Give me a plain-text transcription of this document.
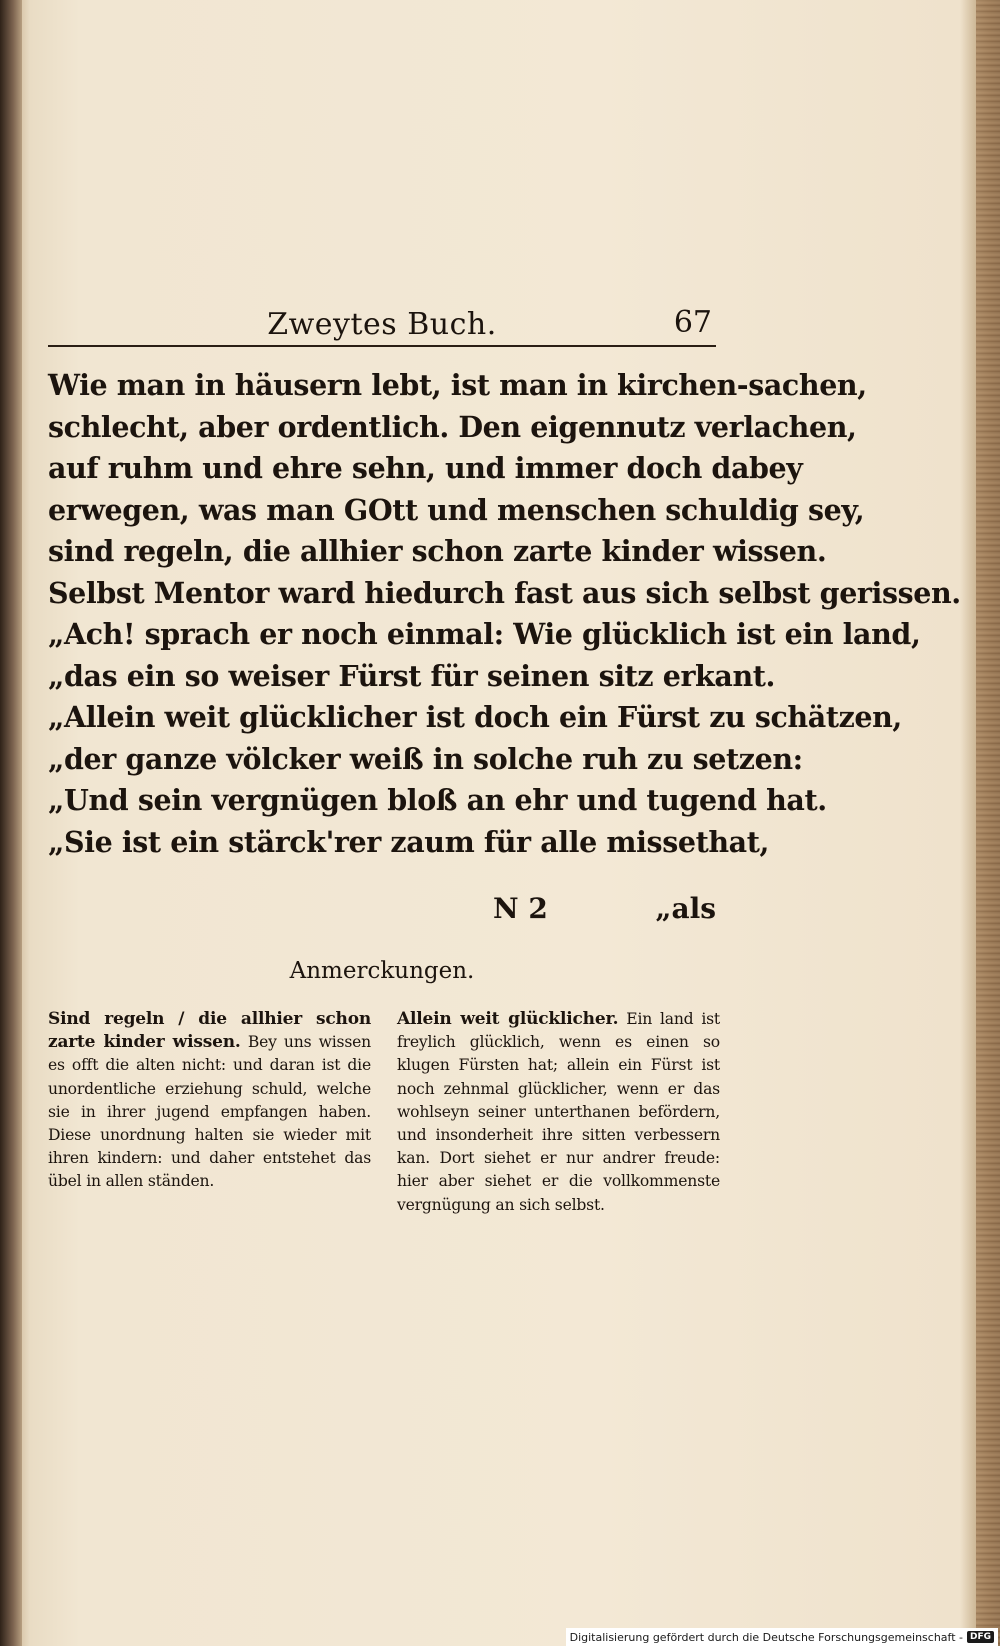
Zweytes Buch.	67
Wie man in häusern lebt, ist man in kirchen-sachen,
schlecht, aber ordentlich. Den eigennutz verlachen,
auf ruhm und ehre sehn, und immer doch dabey
erwegen, was man GOtt und menschen schuldig sey,
sind regeln, die allhier schon zarte kinder wissen.
Selbst Mentor ward hiedurch fast aus sich selbst gerissen.
„Ach! sprach er noch einmal: Wie glücklich ist ein land,
„das ein so weiser Fürst für seinen sitz erkant.
„Allein weit glücklicher ist doch ein Fürst zu schätzen,
„der ganze völcker weiß in solche ruh zu setzen:
„Und sein vergnügen bloß an ehr und tugend hat.
„Sie ist ein stärck'rer zaum für alle missethat,
N 2	„als
Anmerckungen.
Sind regeln / die allhier schon zarte kinder wissen. Bey uns wissen es offt die alten nicht: und daran ist die unordentliche erziehung schuld, welche sie in ihrer jugend empfangen haben. Diese unordnung halten sie wieder mit ihren kindern: und daher entstehet das übel in allen ständen.
Allein weit glücklicher. Ein land ist freylich glücklich, wenn es einen so klugen Fürsten hat; allein ein Fürst ist noch zehnmal glücklicher, wenn er das wohlseyn seiner unterthanen befördern, und insonderheit ihre sitten verbessern kan. Dort siehet er nur andrer freude: hier aber siehet er die vollkommenste vergnügung an sich selbst.
Digitalisierung gefördert durch die Deutsche Forschungsgemeinschaft - DFG
